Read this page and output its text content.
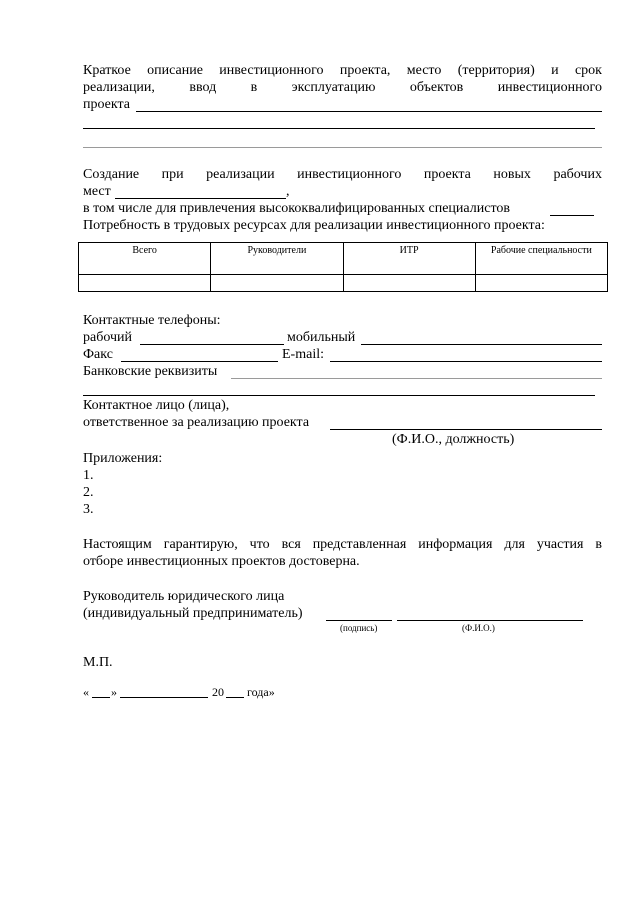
Краткое описание инвестиционного проекта, место (территория) и срок
реализации, ввод в эксплуатацию объектов инвестиционного
проекта
Создание при реализации инвестиционного проекта новых рабочих
мест	,
в том числе для привлечения высококвалифицированных специалистов
Потребность в трудовых ресурсах для реализации инвестиционного проекта:
Всего	Руководители	ИТР	Рабочие специальности

Контактные телефоны:
рабочий	мобильный
Факс	E-mail:
Банковские реквизиты
Контактное лицо (лица),
ответственное за реализацию проекта
(Ф.И.О., должность)
Приложения:
1.
2.
3.
Настоящим гарантирую, что вся представленная информация для участия в
отборе инвестиционных проектов достоверна.
Руководитель юридического лица
(индивидуальный предприниматель)
(подпись)	(Ф.И.О.)
М.П.
« »	20 года»
